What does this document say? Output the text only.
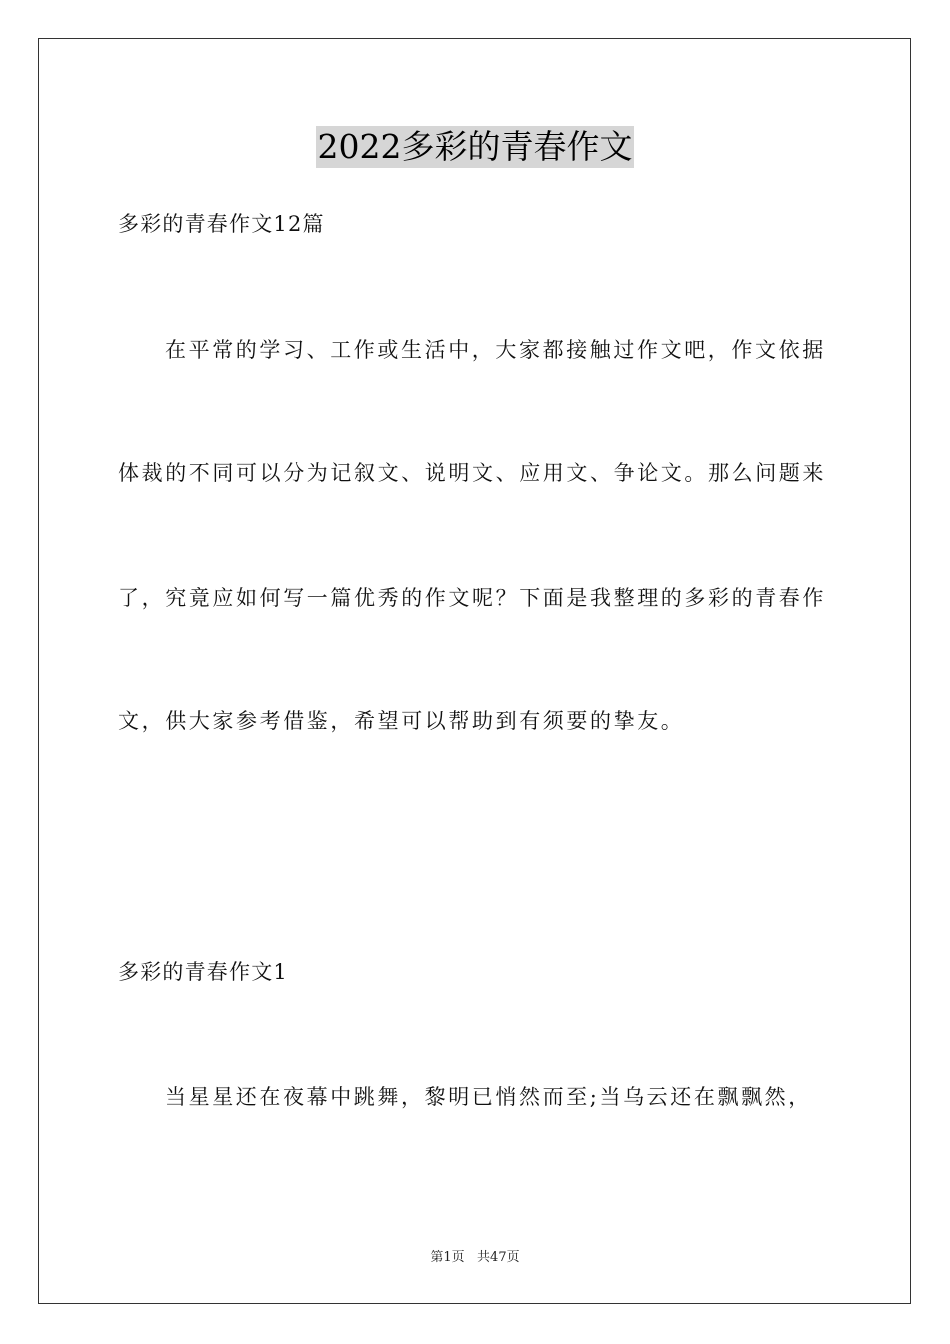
2022多彩的青春作文
多彩的青春作文12篇
在平常的学习、工作或生活中，大家都接触过作文吧，作文依据
体裁的不同可以分为记叙文、说明文、应用文、争论文。那么问题来
了，究竟应如何写一篇优秀的作文呢？下面是我整理的多彩的青春作
文，供大家参考借鉴，希望可以帮助到有须要的挚友。
多彩的青春作文1
当星星还在夜幕中跳舞，黎明已悄然而至;当乌云还在飘飘然，
第1页   共47页
